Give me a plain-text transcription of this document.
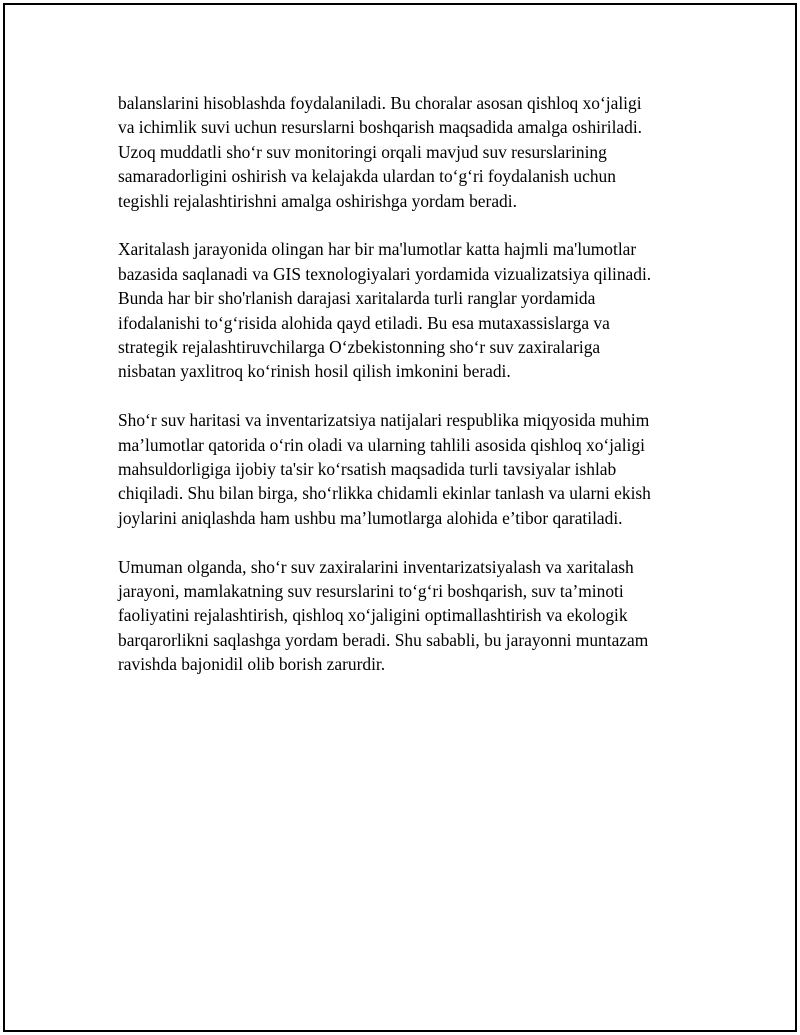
balanslarini hisoblashda foydalaniladi. Bu choralar asosan qishloq xo‘jaligi
va ichimlik suvi uchun resurslarni boshqarish maqsadida amalga oshiriladi.
Uzoq muddatli sho‘r suv monitoringi orqali mavjud suv resurslarining
samaradorligini oshirish va kelajakda ulardan to‘g‘ri foydalanish uchun
tegishli rejalashtirishni amalga oshirishga yordam beradi.

Xaritalash jarayonida olingan har bir ma'lumotlar katta hajmli ma'lumotlar
bazasida saqlanadi va GIS texnologiyalari yordamida vizualizatsiya qilinadi.
Bunda har bir sho'rlanish darajasi xaritalarda turli ranglar yordamida
ifodalanishi to‘g‘risida alohida qayd etiladi. Bu esa mutaxassislarga va
strategik rejalashtiruvchilarga O‘zbekistonning sho‘r suv zaxiralariga
nisbatan yaxlitroq ko‘rinish hosil qilish imkonini beradi.

Sho‘r suv haritasi va inventarizatsiya natijalari respublika miqyosida muhim
ma’lumotlar qatorida o‘rin oladi va ularning tahlili asosida qishloq xo‘jaligi
mahsuldorligiga ijobiy ta'sir ko‘rsatish maqsadida turli tavsiyalar ishlab
chiqiladi. Shu bilan birga, sho‘rlikka chidamli ekinlar tanlash va ularni ekish
joylarini aniqlashda ham ushbu ma’lumotlarga alohida e’tibor qaratiladi.

Umuman olganda, sho‘r suv zaxiralarini inventarizatsiyalash va xaritalash
jarayoni, mamlakatning suv resurslarini to‘g‘ri boshqarish, suv ta’minoti
faoliyatini rejalashtirish, qishloq xo‘jaligini optimallashtirish va ekologik
barqarorlikni saqlashga yordam beradi. Shu sababli, bu jarayonni muntazam
ravishda bajonidil olib borish zarurdir.
